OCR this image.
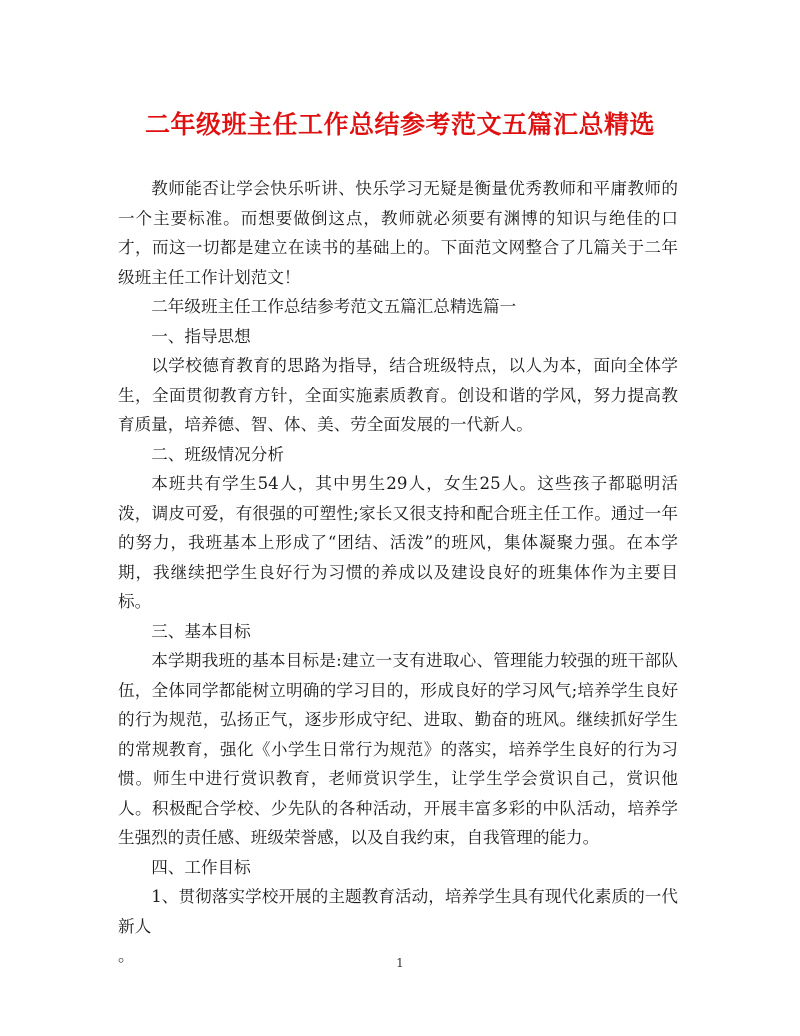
二年级班主任工作总结参考范文五篇汇总精选

教师能否让学会快乐听讲、快乐学习无疑是衡量优秀教师和平庸教师的一个主要标准。而想要做倒这点，教师就必须要有渊博的知识与绝佳的口才，而这一切都是建立在读书的基础上的。下面范文网整合了几篇关于二年级班主任工作计划范文！

二年级班主任工作总结参考范文五篇汇总精选篇一

一、指导思想

以学校德育教育的思路为指导，结合班级特点，以人为本，面向全体学生，全面贯彻教育方针，全面实施素质教育。创设和谐的学风，努力提高教育质量，培养德、智、体、美、劳全面发展的一代新人。

二、班级情况分析

本班共有学生54人，其中男生29人，女生25人。这些孩子都聪明活泼，调皮可爱，有很强的可塑性;家长又很支持和配合班主任工作。通过一年的努力，我班基本上形成了“团结、活泼”的班风，集体凝聚力强。在本学期，我继续把学生良好行为习惯的养成以及建设良好的班集体作为主要目标。

三、基本目标

本学期我班的基本目标是:建立一支有进取心、管理能力较强的班干部队伍，全体同学都能树立明确的学习目的，形成良好的学习风气;培养学生良好的行为规范，弘扬正气，逐步形成守纪、进取、勤奋的班风。继续抓好学生的常规教育，强化《小学生日常行为规范》的落实，培养学生良好的行为习惯。师生中进行赏识教育，老师赏识学生，让学生学会赏识自己，赏识他人。积极配合学校、少先队的各种活动，开展丰富多彩的中队活动，培养学生强烈的责任感、班级荣誉感，以及自我约束，自我管理的能力。

四、工作目标

1、贯彻落实学校开展的主题教育活动，培养学生具有现代化素质的一代新人

。	1
